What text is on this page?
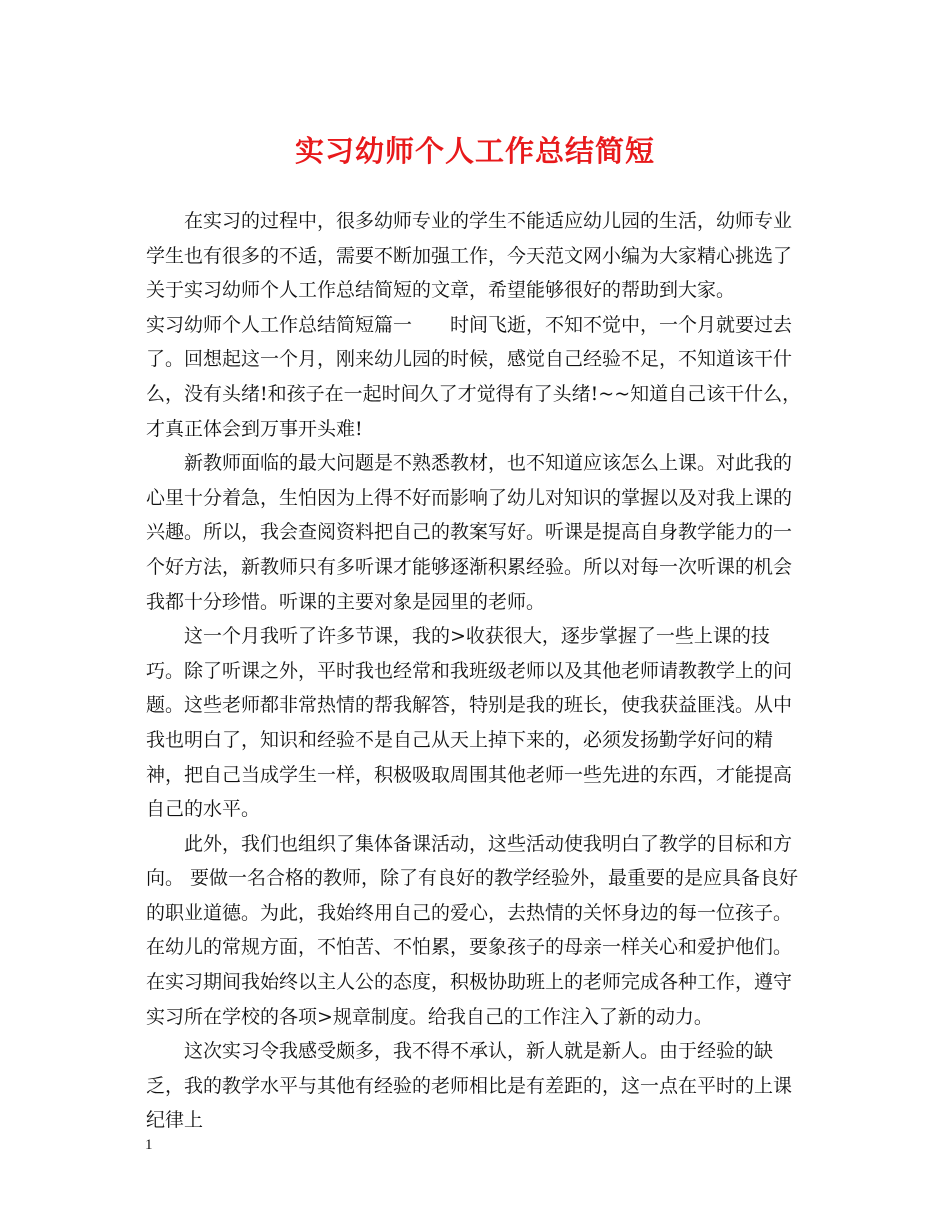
实习幼师个人工作总结简短

在实习的过程中，很多幼师专业的学生不能适应幼儿园的生活，幼师专业学生也有很多的不适，需要不断加强工作，今天范文网小编为大家精心挑选了关于实习幼师个人工作总结简短的文章，希望能够很好的帮助到大家。

实习幼师个人工作总结简短篇一　　时间飞逝，不知不觉中，一个月就要过去了。回想起这一个月，刚来幼儿园的时候，感觉自己经验不足，不知道该干什么，没有头绪!和孩子在一起时间久了才觉得有了头绪!~~知道自己该干什么，才真正体会到万事开头难!

新教师面临的最大问题是不熟悉教材，也不知道应该怎么上课。对此我的心里十分着急，生怕因为上得不好而影响了幼儿对知识的掌握以及对我上课的兴趣。所以，我会查阅资料把自己的教案写好。听课是提高自身教学能力的一个好方法，新教师只有多听课才能够逐渐积累经验。所以对每一次听课的机会我都十分珍惜。听课的主要对象是园里的老师。

这一个月我听了许多节课，我的>收获很大，逐步掌握了一些上课的技巧。除了听课之外，平时我也经常和我班级老师以及其他老师请教教学上的问题。这些老师都非常热情的帮我解答，特别是我的班长，使我获益匪浅。从中我也明白了，知识和经验不是自己从天上掉下来的，必须发扬勤学好问的精神，把自己当成学生一样，积极吸取周围其他老师一些先进的东西，才能提高自己的水平。

此外，我们也组织了集体备课活动，这些活动使我明白了教学的目标和方向。 要做一名合格的教师，除了有良好的教学经验外，最重要的是应具备良好的职业道德。为此，我始终用自己的爱心，去热情的关怀身边的每一位孩子。在幼儿的常规方面，不怕苦、不怕累，要象孩子的母亲一样关心和爱护他们。在实习期间我始终以主人公的态度，积极协助班上的老师完成各种工作，遵守实习所在学校的各项>规章制度。给我自己的工作注入了新的动力。

这次实习令我感受颇多，我不得不承认，新人就是新人。由于经验的缺乏，我的教学水平与其他有经验的老师相比是有差距的，这一点在平时的上课纪律上

1
